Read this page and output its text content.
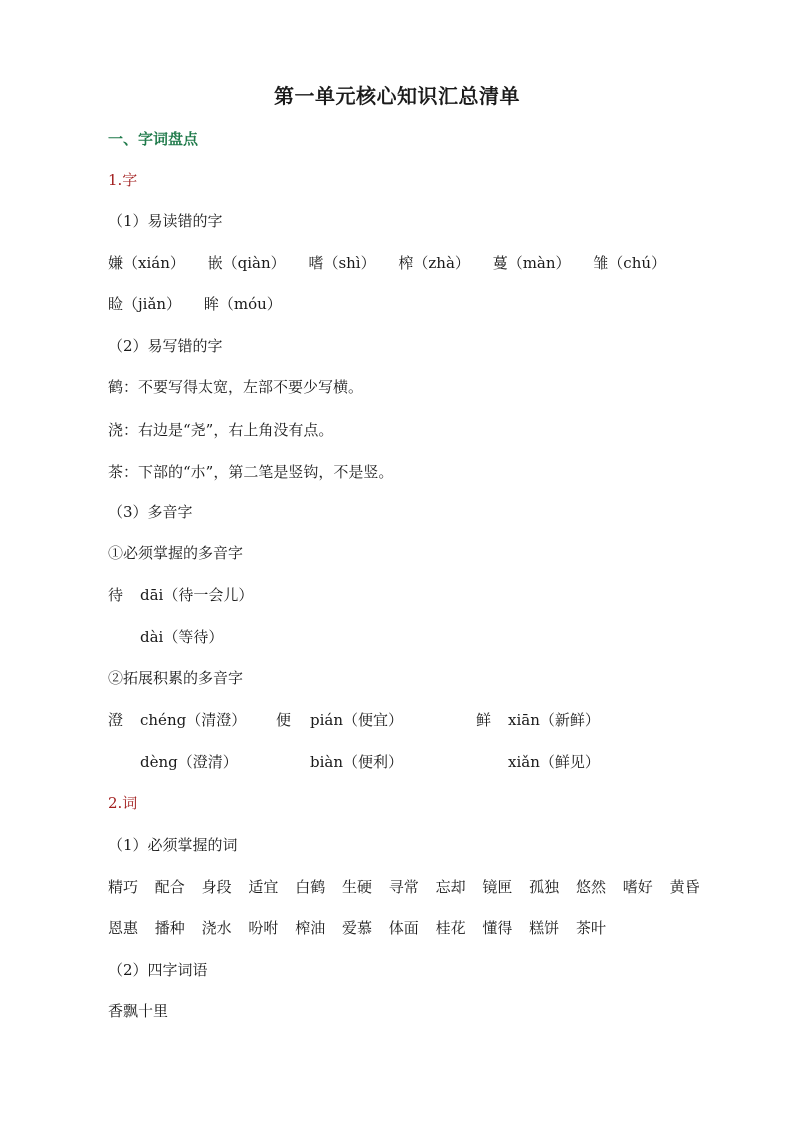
第一单元核心知识汇总清单
一、字词盘点
1.字
（1）易读错的字
嫌（xián） 嵌（qiàn） 嗜（shì） 榨（zhà） 蔓（màn） 雏（chú）
睑（jiǎn） 眸（móu）
（2）易写错的字
鹤：不要写得太宽，左部不要少写横。
浇：右边是“尧”，右上角没有点。
茶：下部的“朩”，第二笔是竖钩，不是竖。
（3）多音字
①必须掌握的多音字
待 dāi（待一会儿）
dài（等待）
②拓展积累的多音字
澄 chéng（清澄）
dèng（澄清）
便 pián（便宜）
biàn（便利）
鲜 xiān（新鲜）
xiǎn（鲜见）
2.词
（1）必须掌握的词
精巧 配合 身段 适宜 白鹤 生硬 寻常 忘却 镜匣 孤独 悠然 嗜好 黄昏
恩惠 播种 浇水 吩咐 榨油 爱慕 体面 桂花 懂得 糕饼 茶叶
（2）四字词语
香飘十里
